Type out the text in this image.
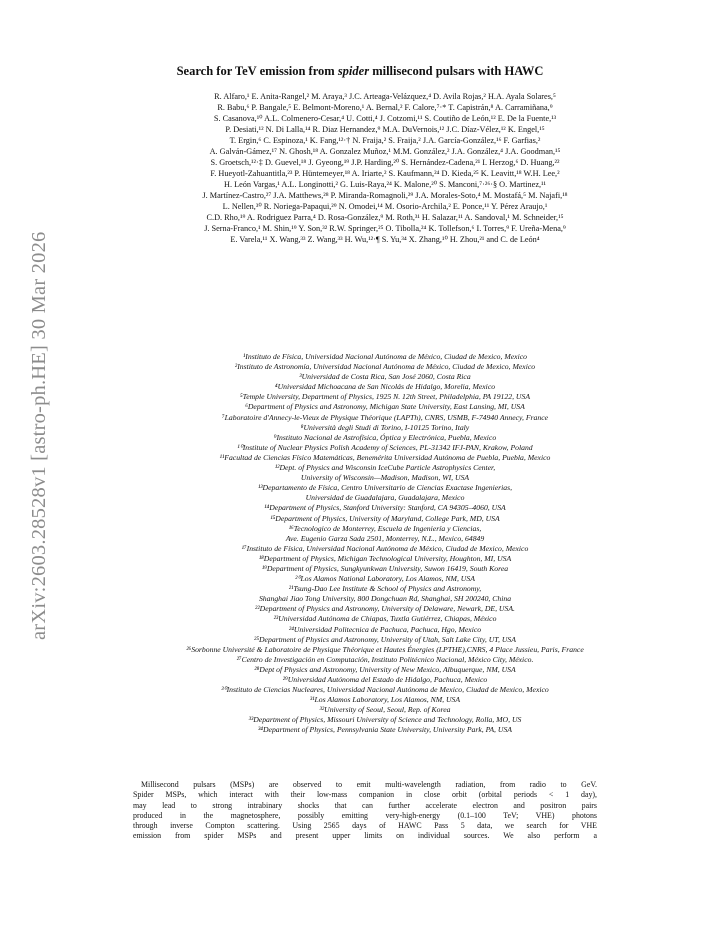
arXiv:2603.28528v1 [astro-ph.HE] 30 Mar 2026
Search for TeV emission from spider millisecond pulsars with HAWC
R. Alfaro,¹ E. Anita-Rangel,² M. Araya,³ J.C. Arteaga-Velázquez,⁴ D. Avila Rojas,² H.A. Ayala Solares,⁵
R. Babu,⁶ P. Bangale,⁵ E. Belmont-Moreno,¹ A. Bernal,² F. Calore,⁷·* T. Capistrán,⁸ A. Carramiñana,⁹
S. Casanova,¹⁰ A.L. Colmenero-Cesar,⁴ U. Cotti,⁴ J. Cotzomi,¹¹ S. Coutiño de León,¹² E. De la Fuente,¹³
P. Desiati,¹² N. Di Lalla,¹⁴ R. Diaz Hernandez,⁹ M.A. DuVernois,¹² J.C. Díaz-Vélez,¹² K. Engel,¹⁵
T. Ergin,⁶ C. Espinoza,¹ K. Fang,¹²·† N. Fraija,² S. Fraija,² J.A. García-González,¹⁶ F. Garfias,²
A. Galván-Gámez,¹⁷ N. Ghosh,¹⁸ A. Gonzalez Muñoz,¹ M.M. González,² J.A. González,⁴ J.A. Goodman,¹⁵
S. Groetsch,¹²·‡ D. Guevel,¹⁸ J. Gyeong,¹⁹ J.P. Harding,²⁰ S. Hernández-Cadena,²¹ I. Herzog,⁶ D. Huang,²²
F. Hueyotl-Zahuantitla,²³ P. Hüntemeyer,¹⁸ A. Iriarte,² S. Kaufmann,²⁴ D. Kieda,²⁵ K. Leavitt,¹⁸ W.H. Lee,²
H. León Vargas,¹ A.L. Longinotti,² G. Luis-Raya,²⁴ K. Malone,²⁰ S. Manconi,⁷·²⁶·§ O. Martinez,¹¹
J. Martínez-Castro,²⁷ J.A. Matthews,²⁸ P. Miranda-Romagnoli,²⁹ J.A. Morales-Soto,⁴ M. Mostafá,⁵ M. Najafi,¹⁸
L. Nellen,³⁰ R. Noriega-Papaqui,²⁹ N. Omodei,¹⁴ M. Osorio-Archila,² E. Ponce,¹¹ Y. Pérez Araujo,¹
C.D. Rho,¹⁹ A. Rodriguez Parra,⁴ D. Rosa-González,⁹ M. Roth,³¹ H. Salazar,¹¹ A. Sandoval,¹ M. Schneider,¹⁵
J. Serna-Franco,¹ M. Shin,¹⁹ Y. Son,³² R.W. Springer,²⁵ O. Tibolla,²⁴ K. Tollefson,⁶ I. Torres,⁹ F. Ureña-Mena,⁹
E. Varela,¹¹ X. Wang,³³ Z. Wang,³³ H. Wu,¹²·¶ S. Yu,³⁴ X. Zhang,¹⁰ H. Zhou,²¹ and C. de León⁴
¹Instituto de Física, Universidad Nacional Autónoma de México, Ciudad de Mexico, Mexico
²Instituto de Astronomía, Universidad Nacional Autónoma de México, Ciudad de Mexico, Mexico
³Universidad de Costa Rica, San José 2060, Costa Rica
⁴Universidad Michoacana de San Nicolás de Hidalgo, Morelia, Mexico
⁵Temple University, Department of Physics, 1925 N. 12th Street, Philadelphia, PA 19122, USA
⁶Department of Physics and Astronomy, Michigan State University, East Lansing, MI, USA
⁷Laboratoire d'Annecy-le-Vieux de Physique Théorique (LAPTh), CNRS, USMB, F-74940 Annecy, France
⁸Università degli Studi di Torino, I-10125 Torino, Italy
⁹Instituto Nacional de Astrofísica, Óptica y Electrónica, Puebla, Mexico
¹⁰Institute of Nuclear Physics Polish Academy of Sciences, PL-31342 IFJ-PAN, Krakow, Poland
¹¹Facultad de Ciencias Físico Matemáticas, Benemérita Universidad Autónoma de Puebla, Puebla, Mexico
¹²Dept. of Physics and Wisconsin IceCube Particle Astrophysics Center,
University of Wisconsin—Madison, Madison, WI, USA
¹³Departamento de Física, Centro Universitario de Ciencias Exactase Ingenierias,
Universidad de Guadalajara, Guadalajara, Mexico
¹⁴Department of Physics, Stanford University: Stanford, CA 94305–4060, USA
¹⁵Department of Physics, University of Maryland, College Park, MD, USA
¹⁶Tecnologico de Monterrey, Escuela de Ingeniería y Ciencias,
Ave. Eugenio Garza Sada 2501, Monterrey, N.L., Mexico, 64849
¹⁷Instituto de Física, Universidad Nacional Autónoma de México, Ciudad de Mexico, Mexico
¹⁸Department of Physics, Michigan Technological University, Houghton, MI, USA
¹⁹Department of Physics, Sungkyunkwan University, Suwon 16419, South Korea
²⁰Los Alamos National Laboratory, Los Alamos, NM, USA
²¹Tsung-Dao Lee Institute & School of Physics and Astronomy,
Shanghai Jiao Tong University, 800 Dongchuan Rd, Shanghai, SH 200240, China
²²Department of Physics and Astronomy, University of Delaware, Newark, DE, USA.
²³Universidad Autónoma de Chiapas, Tuxtla Gutiérrez, Chiapas, México
²⁴Universidad Politecnica de Pachuca, Pachuca, Hgo, Mexico
²⁵Department of Physics and Astronomy, University of Utah, Salt Lake City, UT, USA
²⁶Sorbonne Université & Laboratoire de Physique Théorique et Hautes Énergies (LPTHE),CNRS, 4 Place Jussieu, Paris, France
²⁷Centro de Investigación en Computación, Instituto Politécnico Nacional, México City, México.
²⁸Dept of Physics and Astronomy, University of New Mexico, Albuquerque, NM, USA
²⁹Universidad Autónoma del Estado de Hidalgo, Pachuca, Mexico
³⁰Instituto de Ciencias Nucleares, Universidad Nacional Autónoma de Mexico, Ciudad de Mexico, Mexico
³¹Los Alamos Laboratory, Los Alamos, NM, USA
³²University of Seoul, Seoul, Rep. of Korea
³³Department of Physics, Missouri University of Science and Technology, Rolla, MO, US
³⁴Department of Physics, Pennsylvania State University, University Park, PA, USA
Millisecond pulsars (MSPs) are observed to emit multi-wavelength radiation, from radio to GeV.
Spider MSPs, which interact with their low-mass companion in close orbit (orbital periods < 1 day),
may lead to strong intrabinary shocks that can further accelerate electron and positron pairs
produced in the magnetosphere, possibly emitting very-high-energy (0.1–100 TeV; VHE) photons
through inverse Compton scattering. Using 2565 days of HAWC Pass 5 data, we search for VHE
emission from spider MSPs and present upper limits on individual sources. We also perform a
